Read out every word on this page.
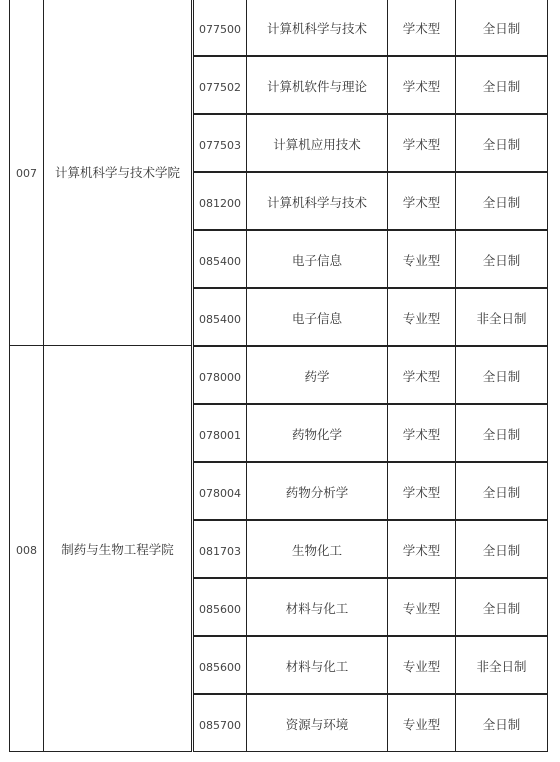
007	计算机科学与技术学院		077500	计算机科学与技术	学术型	全日制
		077502	计算机软件与理论	学术型	全日制
		077503	计算机应用技术	学术型	全日制
		081200	计算机科学与技术	学术型	全日制
		085400	电子信息	专业型	全日制
		085400	电子信息	专业型	非全日制
008	制药与生物工程学院		078000	药学	学术型	全日制
		078001	药物化学	学术型	全日制
		078004	药物分析学	学术型	全日制
		081703	生物化工	学术型	全日制
		085600	材料与化工	专业型	全日制
		085600	材料与化工	专业型	非全日制
		085700	资源与环境	专业型	全日制
